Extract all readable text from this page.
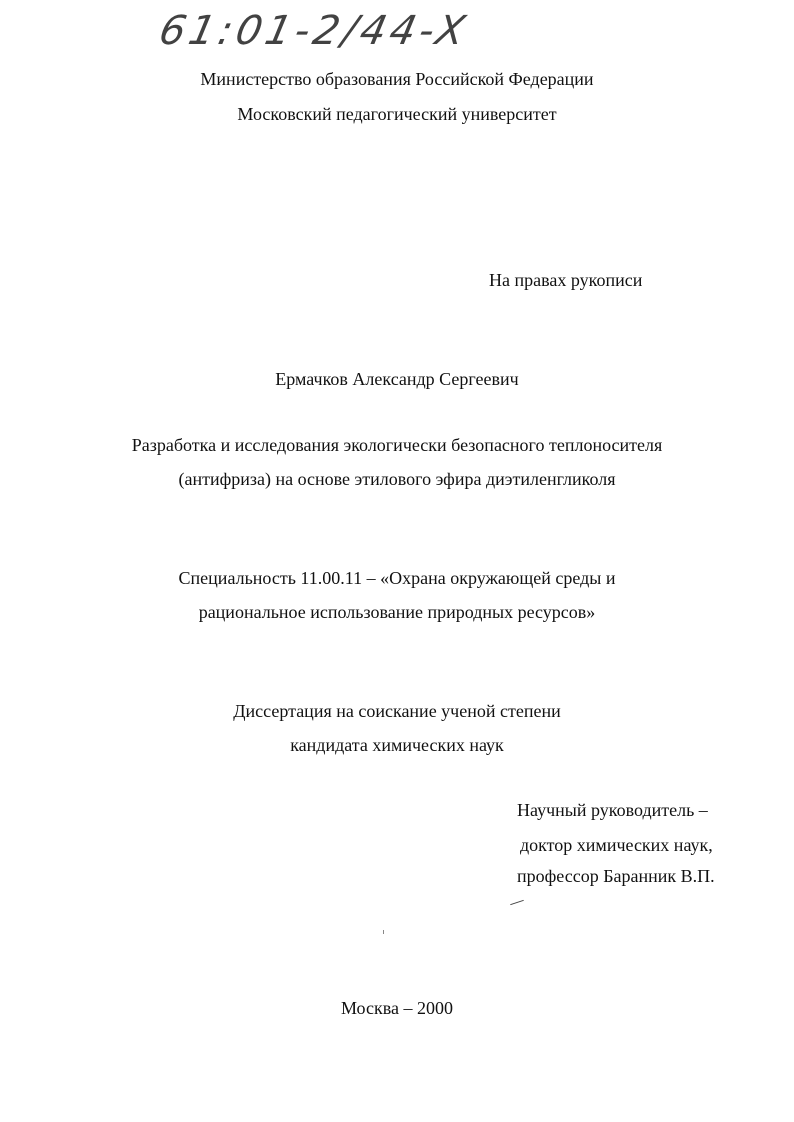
61:01-2/44-X
Министерство образования Российской Федерации
Московский педагогический университет
На правах рукописи
Ермачков Александр Сергеевич
Разработка и исследования экологически безопасного теплоносителя
(антифриза) на основе этилового эфира диэтиленгликоля
Специальность 11.00.11 – «Охрана окружающей среды и
рациональное использование природных ресурсов»
Диссертация на соискание ученой степени
кандидата химических наук
Научный руководитель –
доктор химических наук,
профессор Баранник В.П.
Москва – 2000
